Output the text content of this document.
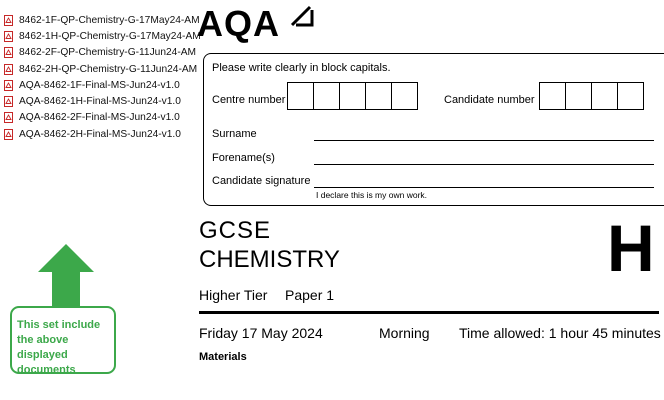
8462-1F-QP-Chemistry-G-17May24-AM
8462-1H-QP-Chemistry-G-17May24-AM
8462-2F-QP-Chemistry-G-11Jun24-AM
8462-2H-QP-Chemistry-G-11Jun24-AM
AQA-8462-1F-Final-MS-Jun24-v1.0
AQA-8462-1H-Final-MS-Jun24-v1.0
AQA-8462-2F-Final-MS-Jun24-v1.0
AQA-8462-2H-Final-MS-Jun24-v1.0
This set include the above displayed documents
AQA
Please write clearly in block capitals.
Centre number	Candidate number
Surname
Forename(s)
Candidate signature
I declare this is my own work.
GCSE
CHEMISTRY	H
Higher Tier Paper 1
Friday 17 May 2024	Morning Time allowed: 1 hour 45 minutes
Materials
